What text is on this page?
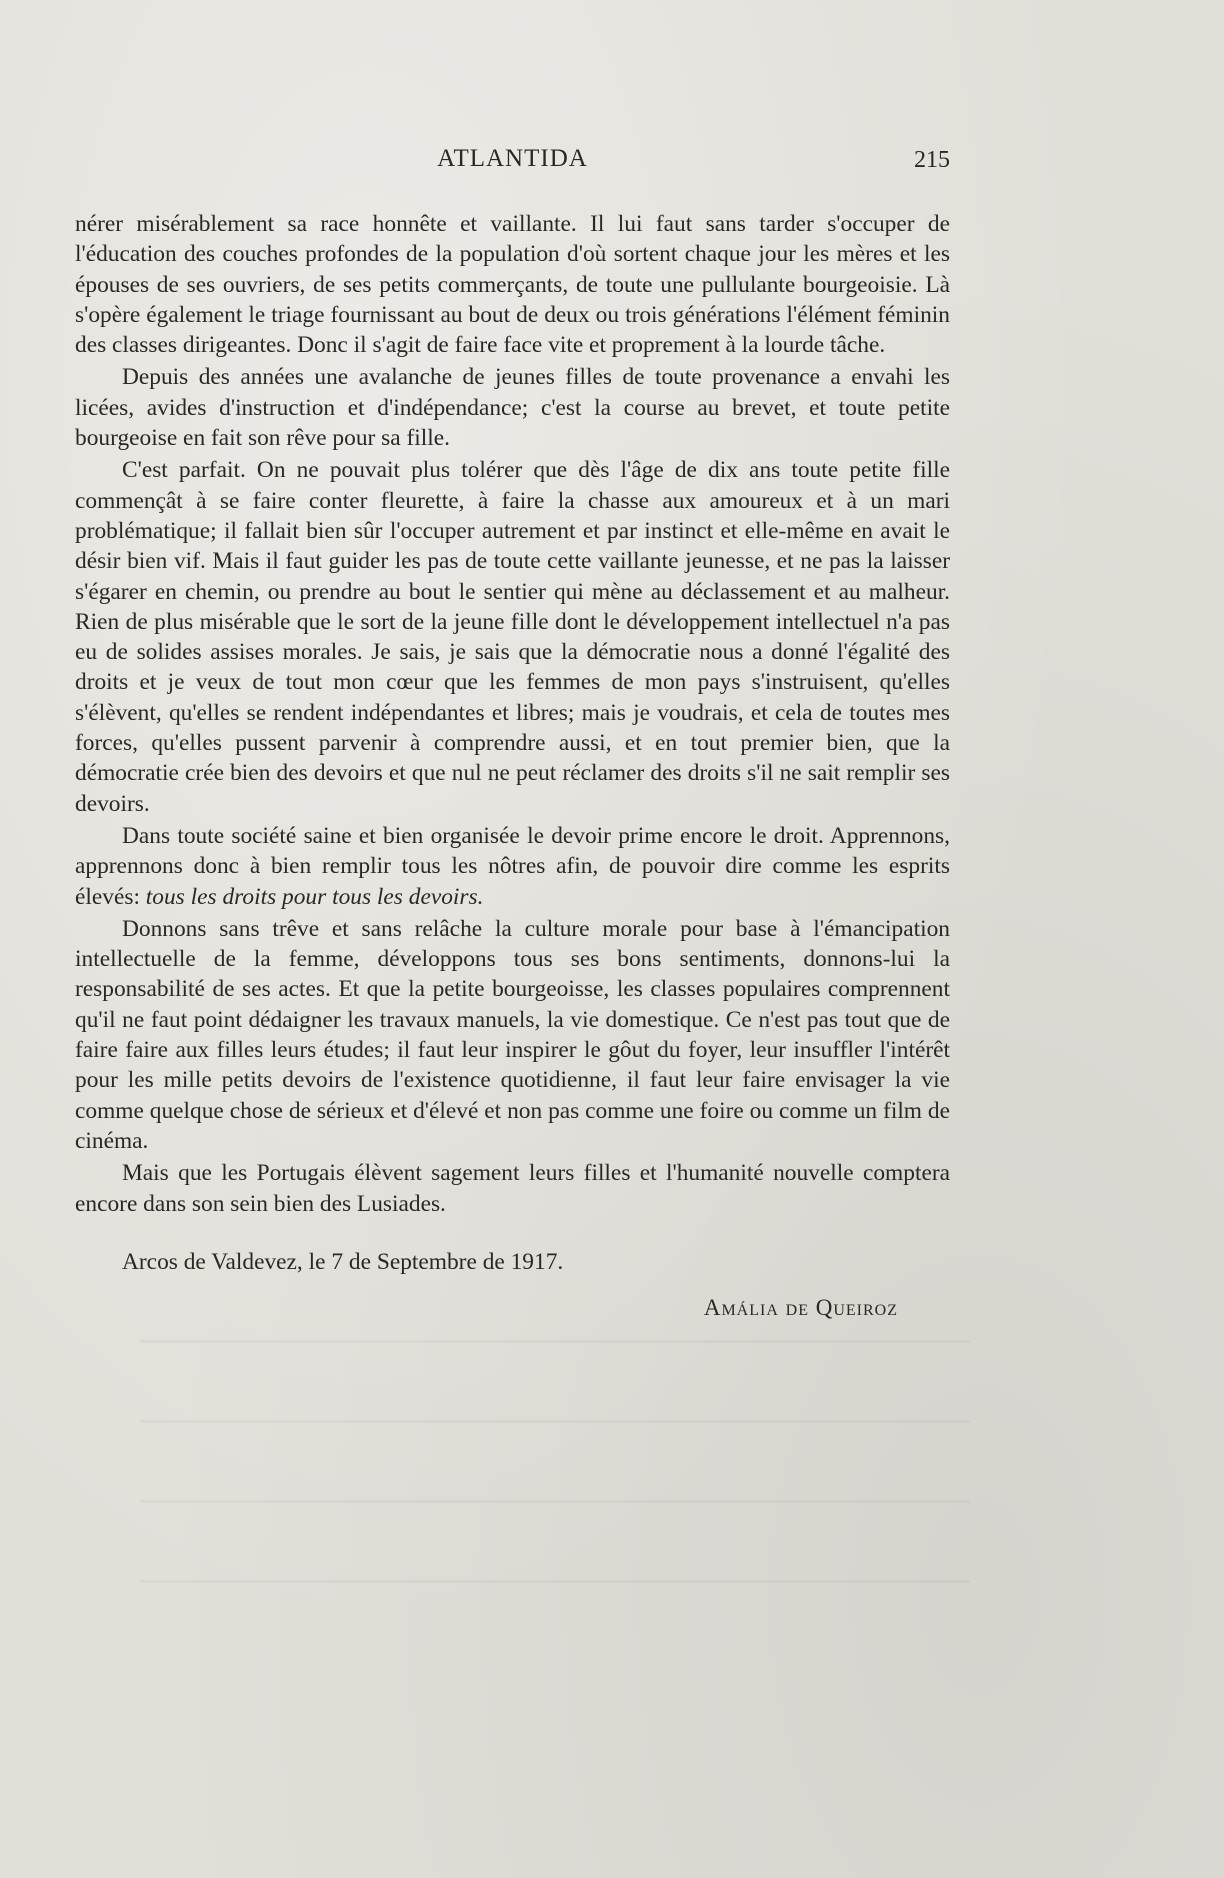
ATLANTIDA	215

nérer misérablement sa race honnête et vaillante. Il lui faut sans tarder s'occuper de l'éducation des couches profondes de la population d'où sortent chaque jour les mères et les épouses de ses ouvriers, de ses petits commerçants, de toute une pullulante bourgeoisie. Là s'opère également le triage fournissant au bout de deux ou trois générations l'élément féminin des classes dirigeantes. Donc il s'agit de faire face vite et proprement à la lourde tâche.

Depuis des années une avalanche de jeunes filles de toute provenance a envahi les licées, avides d'instruction et d'indépendance; c'est la course au brevet, et toute petite bourgeoise en fait son rêve pour sa fille.

C'est parfait. On ne pouvait plus tolérer que dès l'âge de dix ans toute petite fille commençât à se faire conter fleurette, à faire la chasse aux amoureux et à un mari problématique; il fallait bien sûr l'occuper autrement et par instinct et elle-même en avait le désir bien vif. Mais il faut guider les pas de toute cette vaillante jeunesse, et ne pas la laisser s'égarer en chemin, ou prendre au bout le sentier qui mène au déclassement et au malheur. Rien de plus misérable que le sort de la jeune fille dont le développement intellectuel n'a pas eu de solides assises morales. Je sais, je sais que la démocratie nous a donné l'égalité des droits et je veux de tout mon cœur que les femmes de mon pays s'instruisent, qu'elles s'élèvent, qu'elles se rendent indépendantes et libres; mais je voudrais, et cela de toutes mes forces, qu'elles pussent parvenir à comprendre aussi, et en tout premier bien, que la démocratie crée bien des devoirs et que nul ne peut réclamer des droits s'il ne sait remplir ses devoirs.

Dans toute société saine et bien organisée le devoir prime encore le droit. Apprennons, apprennons donc à bien remplir tous les nôtres afin, de pouvoir dire comme les esprits élevés: tous les droits pour tous les devoirs.

Donnons sans trêve et sans relâche la culture morale pour base à l'émancipation intellectuelle de la femme, développons tous ses bons sentiments, donnons-lui la responsabilité de ses actes. Et que la petite bourgeoisse, les classes populaires comprennent qu'il ne faut point dédaigner les travaux manuels, la vie domestique. Ce n'est pas tout que de faire faire aux filles leurs études; il faut leur inspirer le gôut du foyer, leur insuffler l'intérêt pour les mille petits devoirs de l'existence quotidienne, il faut leur faire envisager la vie comme quelque chose de sérieux et d'élevé et non pas comme une foire ou comme un film de cinéma.

Mais que les Portugais élèvent sagement leurs filles et l'humanité nouvelle comptera encore dans son sein bien des Lusiades.

Arcos de Valdevez, le 7 de Septembre de 1917.

Amália de Queiroz
